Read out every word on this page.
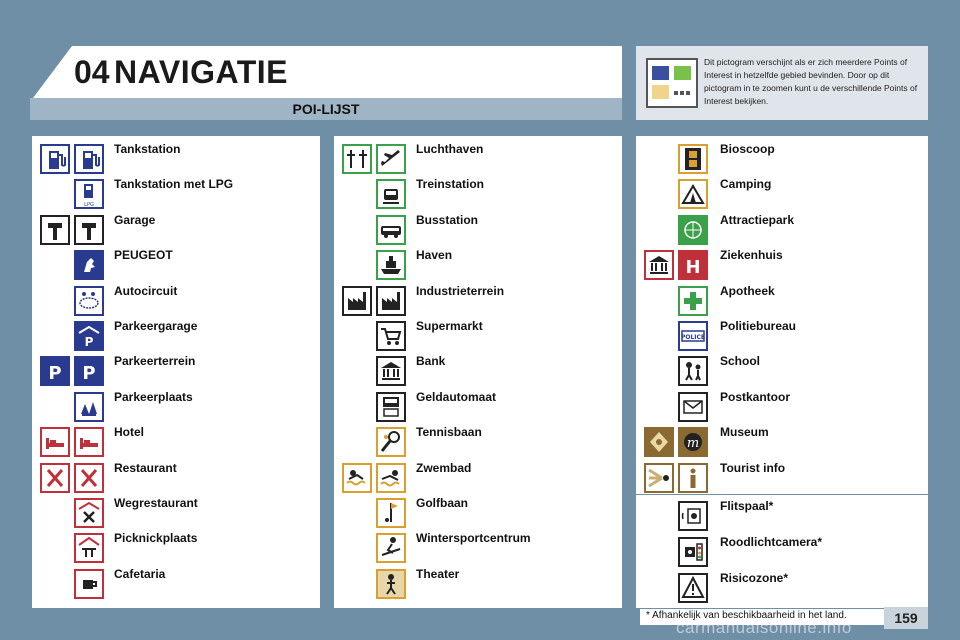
04 NAVIGATIE
POI-LIJST
Dit pictogram verschijnt als er zich meerdere Points of Interest in hetzelfde gebied bevinden. Door op dit pictogram in te zoomen kunt u de verschillende Points of Interest bekijken.
Tankstation
LPG
Tankstation met LPG
Garage
PEUGEOT
Autocircuit
P
Parkeergarage
P P
Parkeerterrein
Parkeerplaats
Hotel
Restaurant
Wegrestaurant
Picknickplaats
Cafetaria
Luchthaven
Treinstation
Busstation
Haven
Industrieterrein
Supermarkt
Bank
Geldautomaat
Tennisbaan
Zwembad
Golfbaan
Wintersportcentrum
Theater
Bioscoop
Camping
Attractiepark
H
Ziekenhuis
Apotheek
POLICE
Politiebureau
School
Postkantoor
m
Museum
Tourist info
Flitspaal*
Roodlichtcamera*
Risicozone*
* Afhankelijk van beschikbaarheid in het land.	159
carmanualsonline.info
